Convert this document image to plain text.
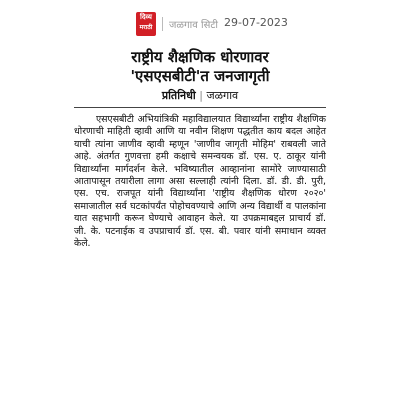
दिव्य
मराठी	जळगाव सिटी 29-07-2023
राष्ट्रीय शैक्षणिक धोरणावर
'एसएसबीटी'त जनजागृती
प्रतिनिधी | जळगाव

एसएसबीटी अभियांत्रिकी महाविद्यालयात विद्यार्थ्यांना राष्ट्रीय शैक्षणिक धोरणाची माहिती व्हावी आणि या नवीन शिक्षण पद्धतीत काय बदल आहेत याची त्यांना जाणीव व्हावी म्हणून 'जाणीव जागृती मोहिम' राबवली जाते आहे. अंतर्गत गुणवत्ता हमी कक्षाचे समन्वयक डॉ. एस. ए. ठाकूर यांनी विद्यार्थ्यांना मार्गदर्शन केले. भविष्यातील आव्हानांना सामोरे जाण्यासाठी आतापासून तयारीला लागा असा सल्लाही त्यांनी दिला. डॉ. डी. डी. पुरी, एस. एच. राजपूत यांनी विद्यार्थ्यांना 'राष्ट्रीय शैक्षणिक धोरण २०२०' समाजातील सर्व घटकांपर्यंत पोहोचवण्याचे आणि अन्य विद्यार्थी व पालकांना यात सहभागी करून घेण्याचे आवाहन केले. या उपक्रमाबद्दल प्राचार्य डॉ. जी. के. पटनाईक व उपप्राचार्य डॉ. एस. बी. पवार यांनी समाधान व्यक्त केले.
